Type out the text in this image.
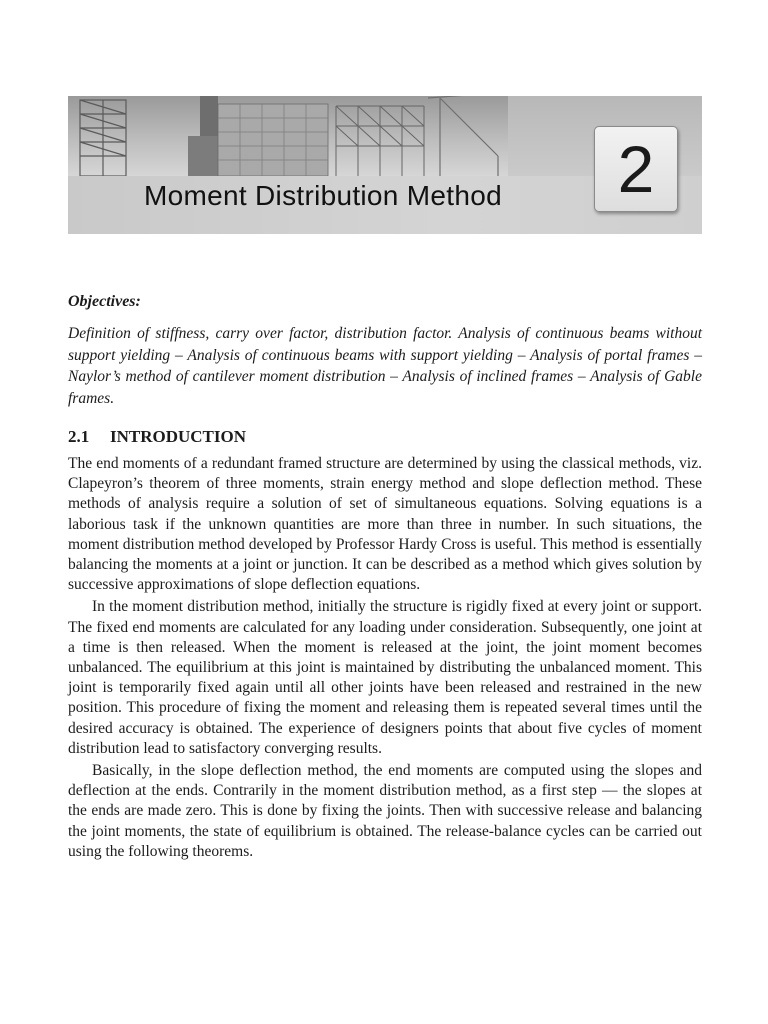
Moment Distribution Method	2
Objectives:

Definition of stiffness, carry over factor, distribution factor. Analysis of continuous beams without support yielding – Analysis of continuous beams with support yielding – Analysis of portal frames – Naylor’s method of cantilever moment distribution – Analysis of inclined frames – Analysis of Gable frames.

2.1 INTRODUCTION

The end moments of a redundant framed structure are determined by using the classical methods, viz. Clapeyron’s theorem of three moments, strain energy method and slope deflection method. These methods of analysis require a solution of set of simultaneous equations. Solving equations is a laborious task if the unknown quantities are more than three in number. In such situations, the moment distribution method developed by Professor Hardy Cross is useful. This method is essentially balancing the moments at a joint or junction. It can be described as a method which gives solution by successive approximations of slope deflection equations.

In the moment distribution method, initially the structure is rigidly fixed at every joint or support. The fixed end moments are calculated for any loading under consideration. Subsequently, one joint at a time is then released. When the moment is released at the joint, the joint moment becomes unbalanced. The equilibrium at this joint is maintained by distributing the unbalanced moment. This joint is temporarily fixed again until all other joints have been released and restrained in the new position. This procedure of fixing the moment and releasing them is repeated several times until the desired accuracy is obtained. The experience of designers points that about five cycles of moment distribution lead to satisfactory converging results.

Basically, in the slope deflection method, the end moments are computed using the slopes and deflection at the ends. Contrarily in the moment distribution method, as a first step — the slopes at the ends are made zero. This is done by fixing the joints. Then with successive release and balancing the joint moments, the state of equilibrium is obtained. The release-balance cycles can be carried out using the following theorems.
